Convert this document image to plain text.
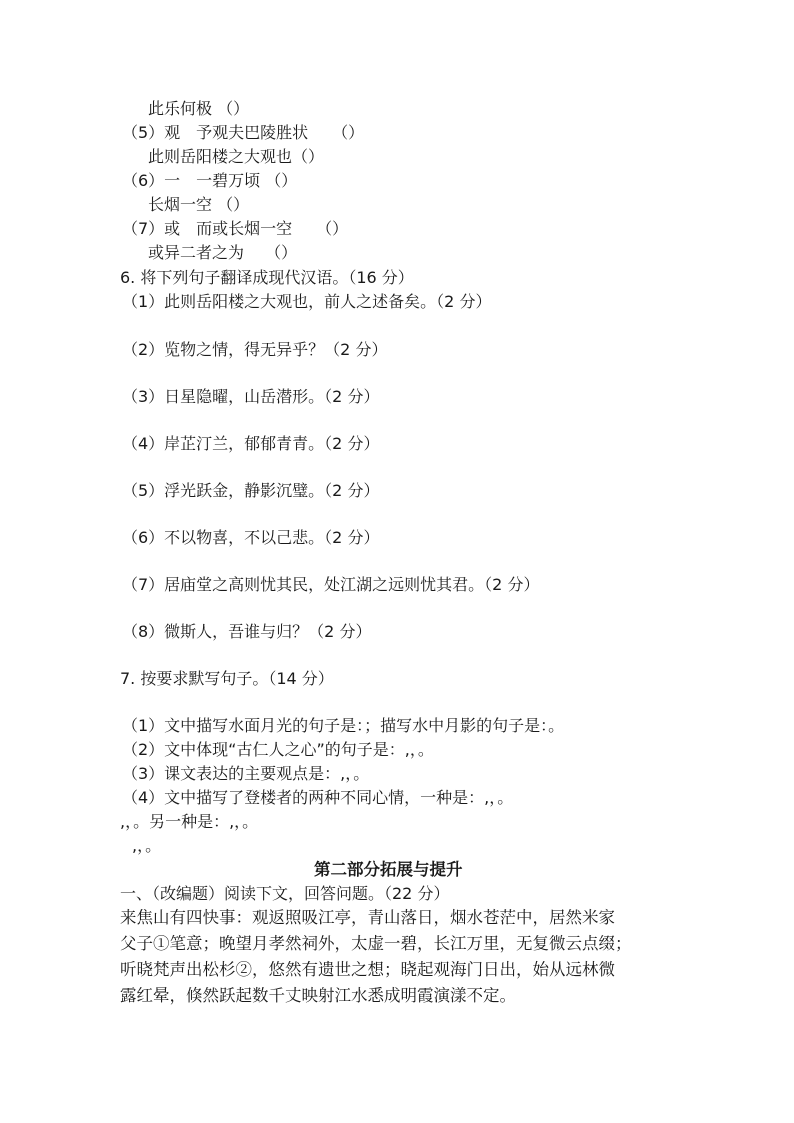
此乐何极 （）
（5）观　予观夫巴陵胜状　　（）
此则岳阳楼之大观也（）
（6）一　一碧万顷 （）
长烟一空 （）
（7）或　而或长烟一空　　（）
或异二者之为　 （）
6. 将下列句子翻译成现代汉语。（16 分）
（1）此则岳阳楼之大观也，前人之述备矣。（2 分）
（2）览物之情，得无异乎？（2 分）
（3）日星隐曜，山岳潜形。（2 分）
（4）岸芷汀兰，郁郁青青。（2 分）
（5）浮光跃金，静影沉璧。（2 分）
（6）不以物喜，不以己悲。（2 分）
（7）居庙堂之高则忧其民，处江湖之远则忧其君。（2 分）
（8）微斯人，吾谁与归？（2 分）
7. 按要求默写句子。（14 分）
（1）文中描写水面月光的句子是：；描写水中月影的句子是：。
（2）文中体现“古仁人之心”的句子是：,，。
（3）课文表达的主要观点是：,，。
（4）文中描写了登楼者的两种不同心情，一种是：,，。
,，。另一种是：,，。
,，。
第二部分拓展与提升
一、（改编题）阅读下文，回答问题。（22 分）
来焦山有四快事：观返照吸江亭，青山落日，烟水苍茫中，居然米家
父子①笔意；晚望月孝然祠外，太虚一碧，长江万里，无复微云点缀；
听晓梵声出松杉②，悠然有遗世之想；晓起观海门日出，始从远林微
露红晕，倏然跃起数千丈映射江水悉成明霞演漾不定。
